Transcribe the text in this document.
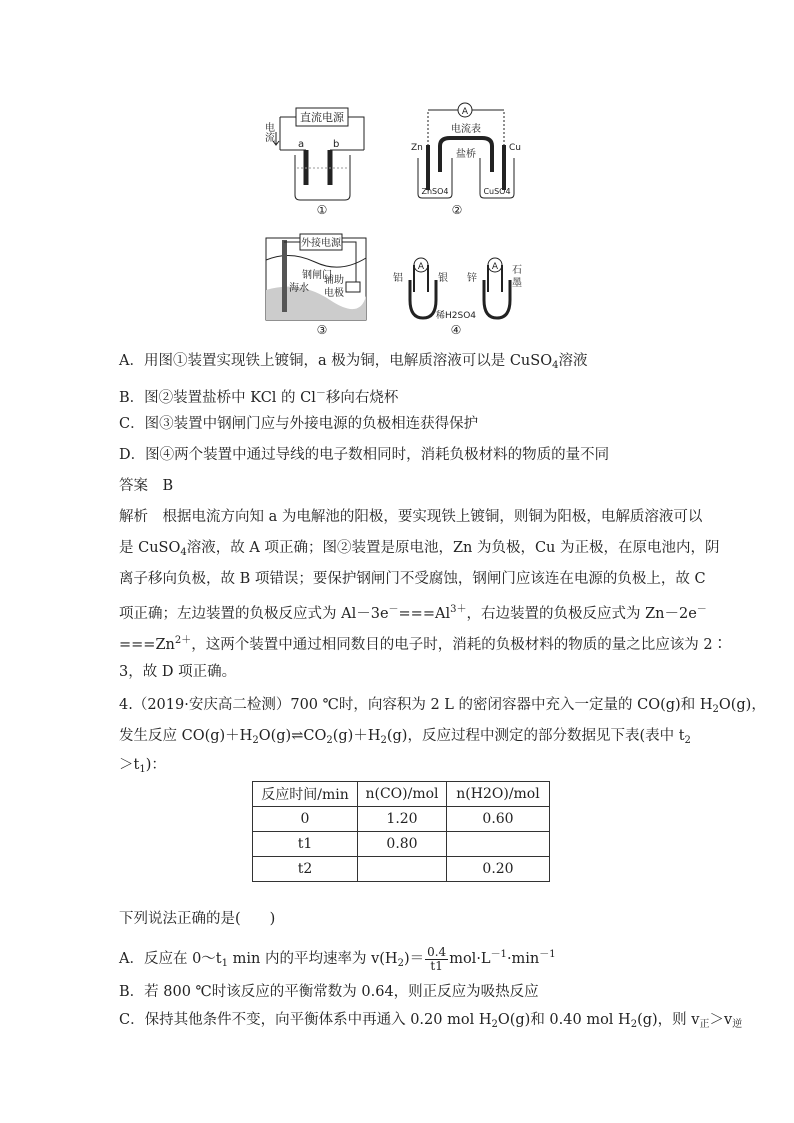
直流电源
a	b
电流
①
A
电流表
盐桥
Zn	Cu
ZnSO4	CuSO4
②
外接电源
钢闸门
海水
辅助
电极
③
A	A
铝	银 锌
石
墨
稀H2SO4
④
A．用图①装置实现铁上镀铜，a 极为铜，电解质溶液可以是 CuSO$_4$溶液
B．图②装置盐桥中 KCl 的 Cl－移向右烧杯
C．图③装置中钢闸门应与外接电源的负极相连获得保护
D．图④两个装置中通过导线的电子数相同时，消耗负极材料的物质的量不同
答案　 B
解析　根据电流方向知 a 为电解池的阳极，要实现铁上镀铜，则铜为阳极，电解质溶液可以
是 CuSO$_4$溶液，故 A 项正确；图②装置是原电池，Zn 为负极，Cu 为正极，在原电池内，阴
离子移向负极，故 B 项错误；要保护钢闸门不受腐蚀，钢闸门应该连在电源的负极上，故 C
项正确；左边装置的负极反应式为 $Al-3e^-===Al^{3+}$，右边装置的负极反应式为 Zn－2e－
$===Zn^{2+}$，这两个装置中通过相同数目的电子时，消耗的负极材料的物质的量之比应该为 2∶
3，故 D 项正确。
4.（2019·安庆高二检测）700 ℃时，向容积为 2 L 的密闭容器中充入一定量的 CO(g)和 $H_2O(g)$，
发生反应 $CO(g)+H_2O(g)\rightleftharpoons CO_2(g)+H_2(g)$，反应过程中测定的部分数据见下表(表中 $t_2$
$>t_1$)：
反应时间/min	n(CO)/mol	n(H2O)/mol
0	1.20	0.60
t1	0.80	
t2		0.20
下列说法正确的是(　　)
A．反应在 $0\sim t_1$ min 内的平均速率为 $v(H_2)= \frac{0.4}{t1} mol\cdot L^{-1}\cdot\min^{-1}$
B．若 800 ℃时该反应的平衡常数为 0.64，则正反应为吸热反应
C．保持其他条件不变，向平衡体系中再通入 0.20 mol $H_2O(g)$和 0.40 mol $H_2(g)$，则 $v_正>v_逆$
